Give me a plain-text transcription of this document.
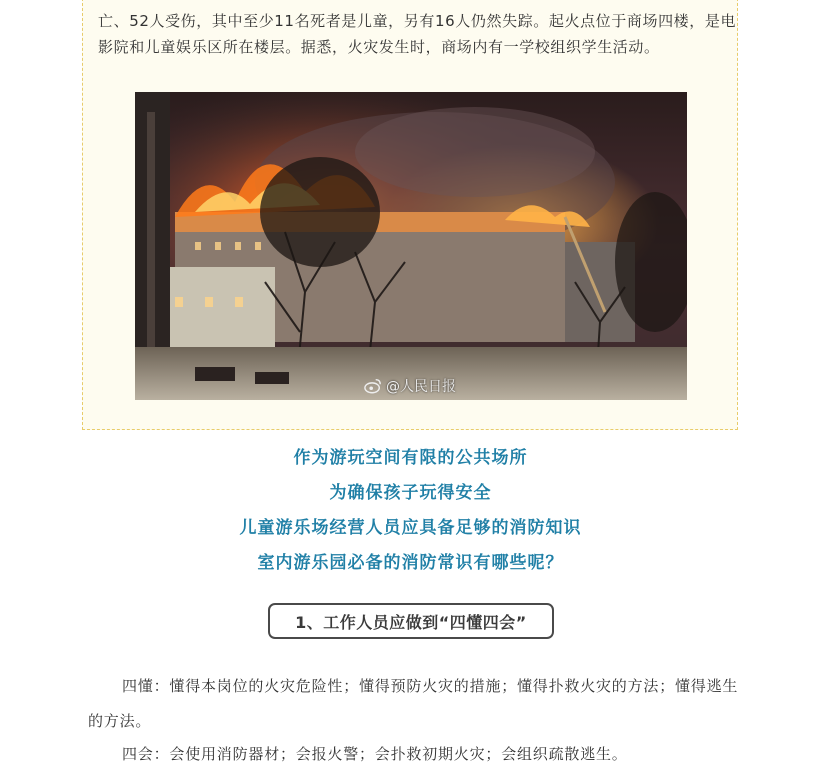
亡、52人受伤，其中至少11名死者是儿童，另有16人仍然失踪。起火点位于商场四楼，是电影院和儿童娱乐区所在楼层。据悉，火灾发生时，商场内有一学校组织学生活动。

@人民日报
作为游玩空间有限的公共场所
为确保孩子玩得安全
儿童游乐场经营人员应具备足够的消防知识
室内游乐园必备的消防常识有哪些呢？
1、工作人员应做到“四懂四会”

四懂：懂得本岗位的火灾危险性；懂得预防火灾的措施；懂得扑救火灾的方法；懂得逃生的方法。

四会：会使用消防器材；会报火警；会扑救初期火灾；会组织疏散逃生。
